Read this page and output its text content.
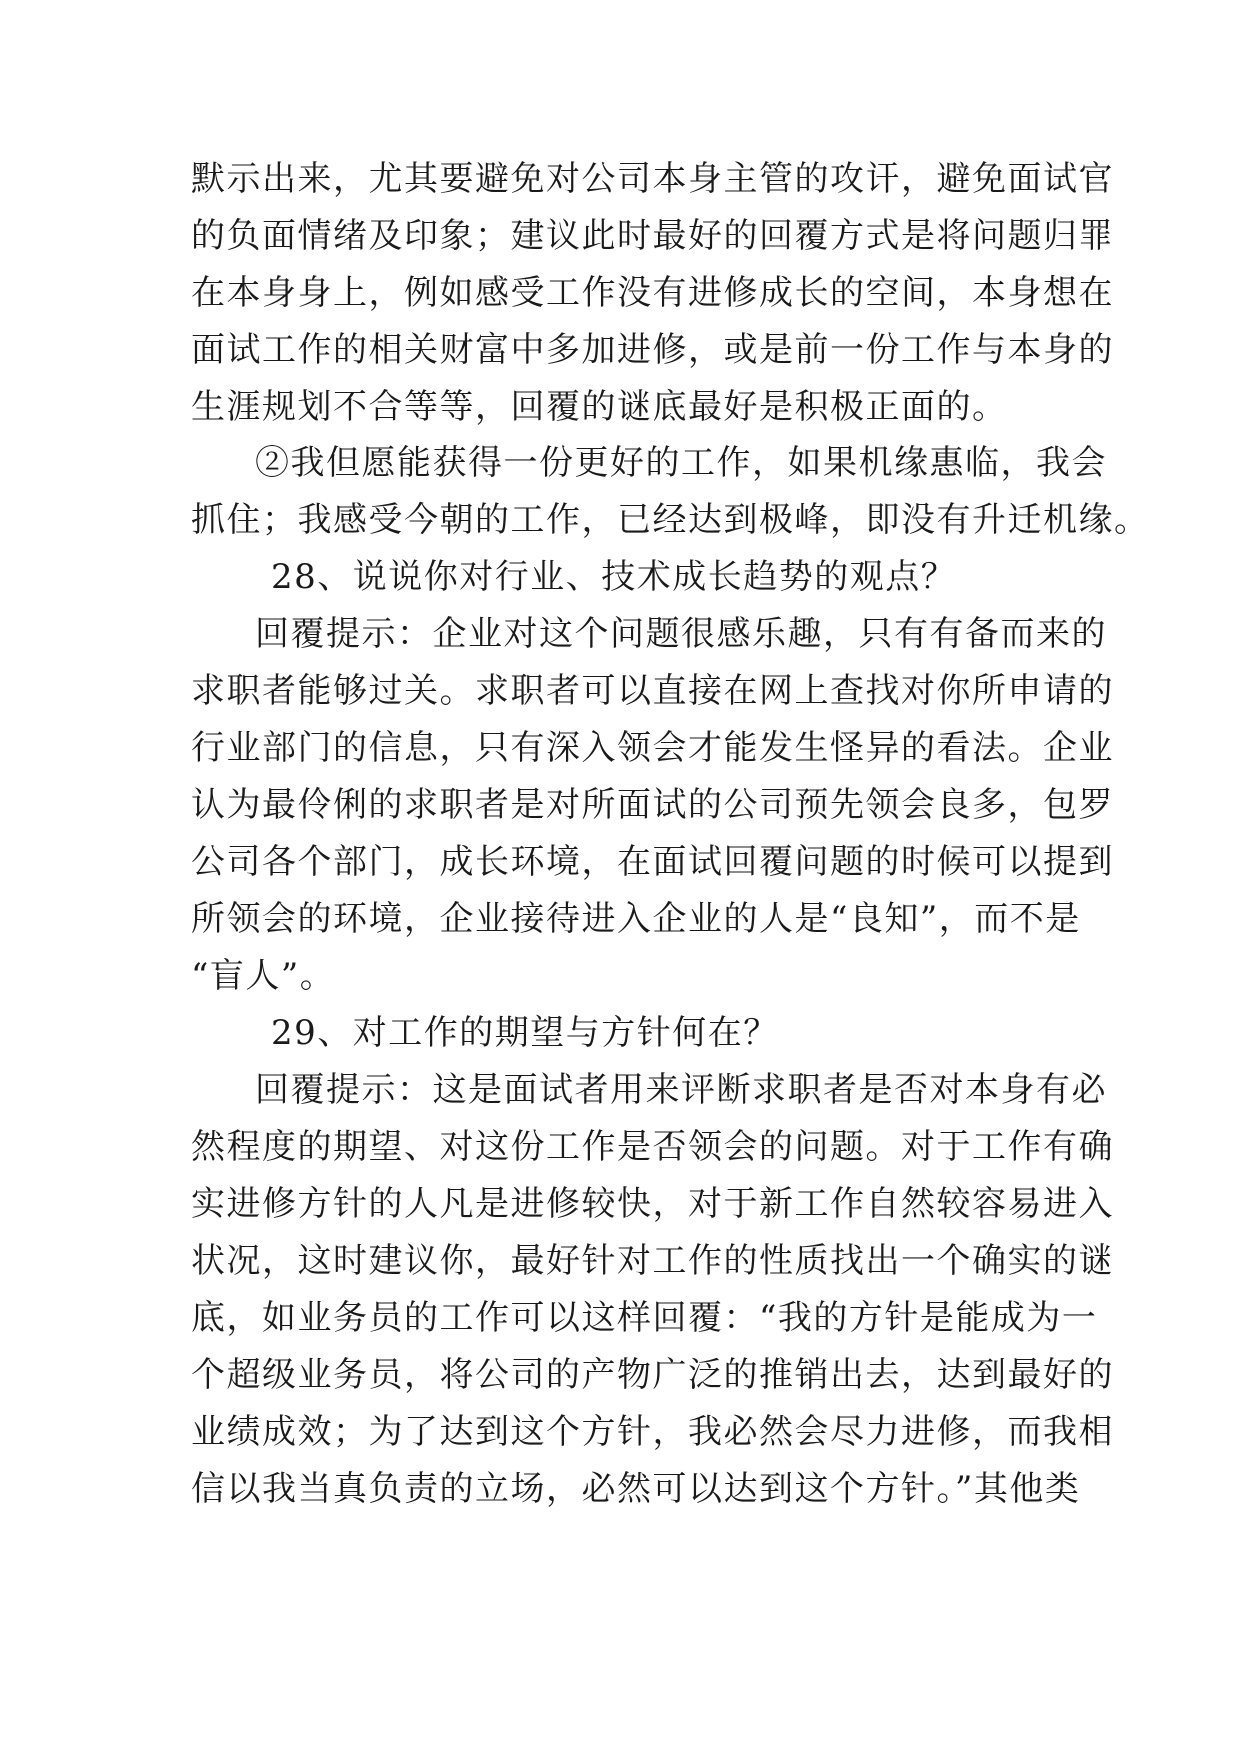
默示出来，尤其要避免对公司本身主管的攻讦，避免面试官
的负面情绪及印象；建议此时最好的回覆方式是将问题归罪
在本身身上，例如感受工作没有进修成长的空间，本身想在
面试工作的相关财富中多加进修，或是前一份工作与本身的
生涯规划不合等等，回覆的谜底最好是积极正面的。
②我但愿能获得一份更好的工作，如果机缘惠临，我会
抓住；我感受今朝的工作，已经达到极峰，即没有升迁机缘。
28、说说你对行业、技术成长趋势的观点？
回覆提示：企业对这个问题很感乐趣，只有有备而来的
求职者能够过关。求职者可以直接在网上查找对你所申请的
行业部门的信息，只有深入领会才能发生怪异的看法。企业
认为最伶俐的求职者是对所面试的公司预先领会良多，包罗
公司各个部门，成长环境，在面试回覆问题的时候可以提到
所领会的环境，企业接待进入企业的人是“良知”，而不是
“盲人”。
29、对工作的期望与方针何在？
回覆提示：这是面试者用来评断求职者是否对本身有必
然程度的期望、对这份工作是否领会的问题。对于工作有确
实进修方针的人凡是进修较快，对于新工作自然较容易进入
状况，这时建议你，最好针对工作的性质找出一个确实的谜
底，如业务员的工作可以这样回覆：“我的方针是能成为一
个超级业务员，将公司的产物广泛的推销出去，达到最好的
业绩成效；为了达到这个方针，我必然会尽力进修，而我相
信以我当真负责的立场，必然可以达到这个方针。”其他类
